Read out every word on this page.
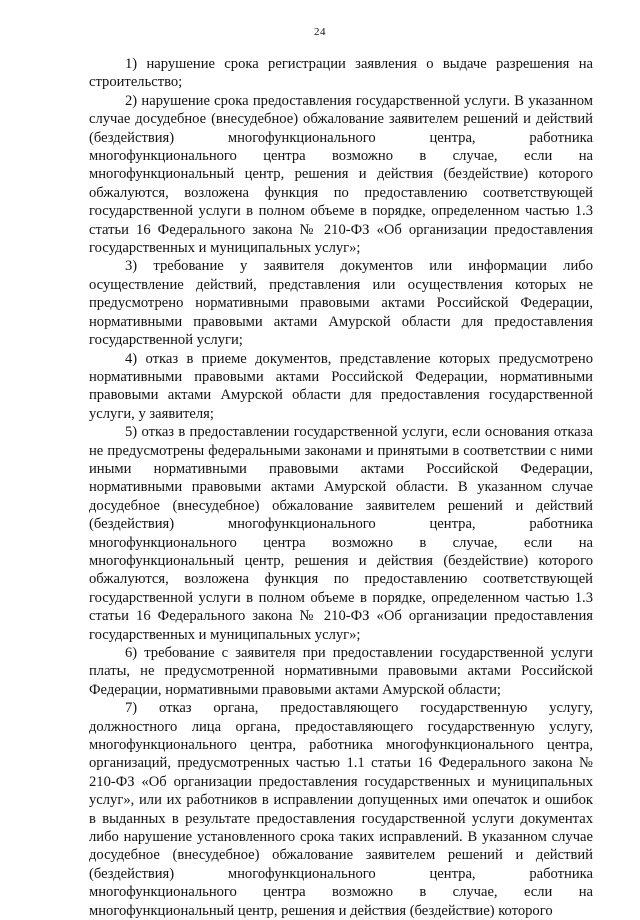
24

1) нарушение срока регистрации заявления о выдаче разрешения на строительство;

2) нарушение срока предоставления государственной услуги. В указанном случае досудебное (внесудебное) обжалование заявителем решений и действий (бездействия) многофункционального центра, работника многофункционального центра возможно в случае, если на многофункциональный центр, решения и действия (бездействие) которого обжалуются, возложена функция по предоставлению соответствующей государственной услуги в полном объеме в порядке, определенном частью 1.3 статьи 16 Федерального закона № 210-ФЗ «Об организации предоставления государственных и муниципальных услуг»;

3) требование у заявителя документов или информации либо осуществление действий, представления или осуществления которых не предусмотрено нормативными правовыми актами Российской Федерации, нормативными правовыми актами Амурской области для предоставления государственной услуги;

4) отказ в приеме документов, представление которых предусмотрено нормативными правовыми актами Российской Федерации, нормативными правовыми актами Амурской области для предоставления государственной услуги, у заявителя;

5) отказ в предоставлении государственной услуги, если основания отказа не предусмотрены федеральными законами и принятыми в соответствии с ними иными нормативными правовыми актами Российской Федерации, нормативными правовыми актами Амурской области. В указанном случае досудебное (внесудебное) обжалование заявителем решений и действий (бездействия) многофункционального центра, работника многофункционального центра возможно в случае, если на многофункциональный центр, решения и действия (бездействие) которого обжалуются, возложена функция по предоставлению соответствующей государственной услуги в полном объеме в порядке, определенном частью 1.3 статьи 16 Федерального закона № 210-ФЗ «Об организации предоставления государственных и муниципальных услуг»;

6) требование с заявителя при предоставлении государственной услуги платы, не предусмотренной нормативными правовыми актами Российской Федерации, нормативными правовыми актами Амурской области;

7) отказ органа, предоставляющего государственную услугу, должностного лица органа, предоставляющего государственную услугу, многофункционального центра, работника многофункционального центра, организаций, предусмотренных частью 1.1 статьи 16 Федерального закона № 210-ФЗ «Об организации предоставления государственных и муниципальных услуг», или их работников в исправлении допущенных ими опечаток и ошибок в выданных в результате предоставления государственной услуги документах либо нарушение установленного срока таких исправлений. В указанном случае досудебное (внесудебное) обжалование заявителем решений и действий (бездействия) многофункционального центра, работника многофункционального центра возможно в случае, если на многофункциональный центр, решения и действия (бездействие) которого
